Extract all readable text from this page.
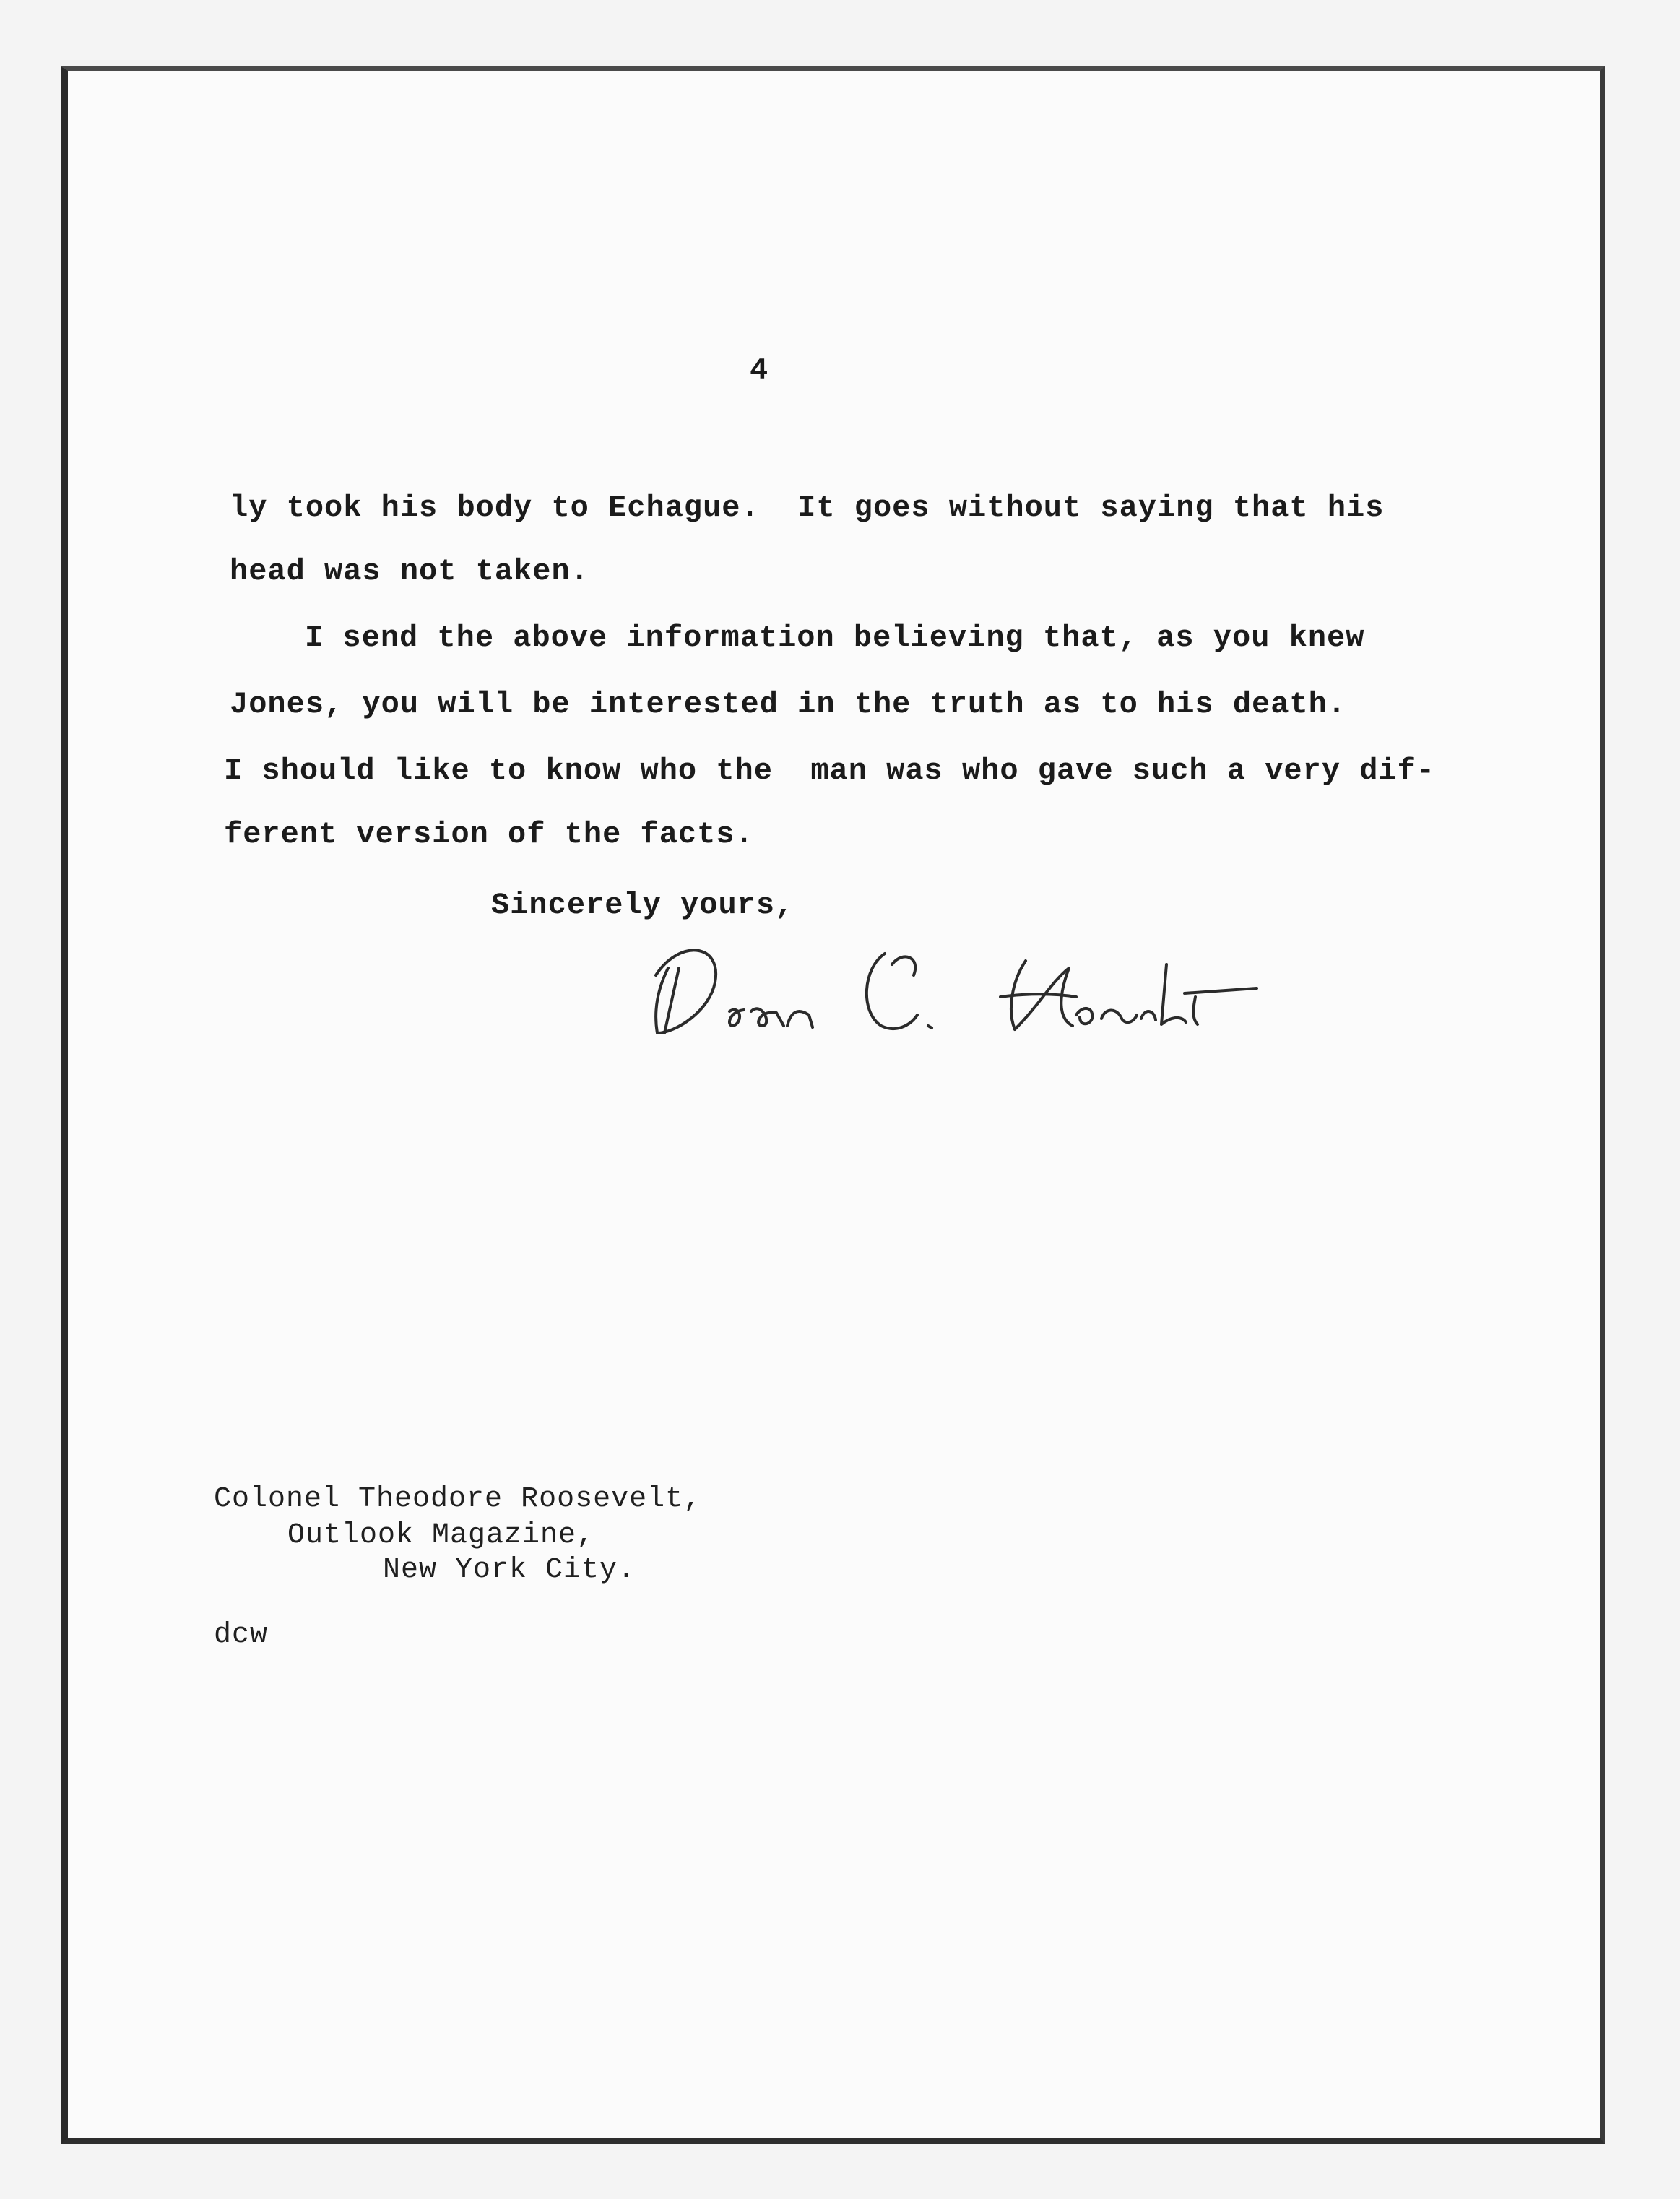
4
ly took his body to Echague.  It goes without saying that his
head was not taken.
I send the above information believing that, as you knew
Jones, you will be interested in the truth as to his death.
I should like to know who the  man was who gave such a very dif-
ferent version of the facts.
Sincerely yours,
Colonel Theodore Roosevelt,
Outlook Magazine,
New York City.
dcw
